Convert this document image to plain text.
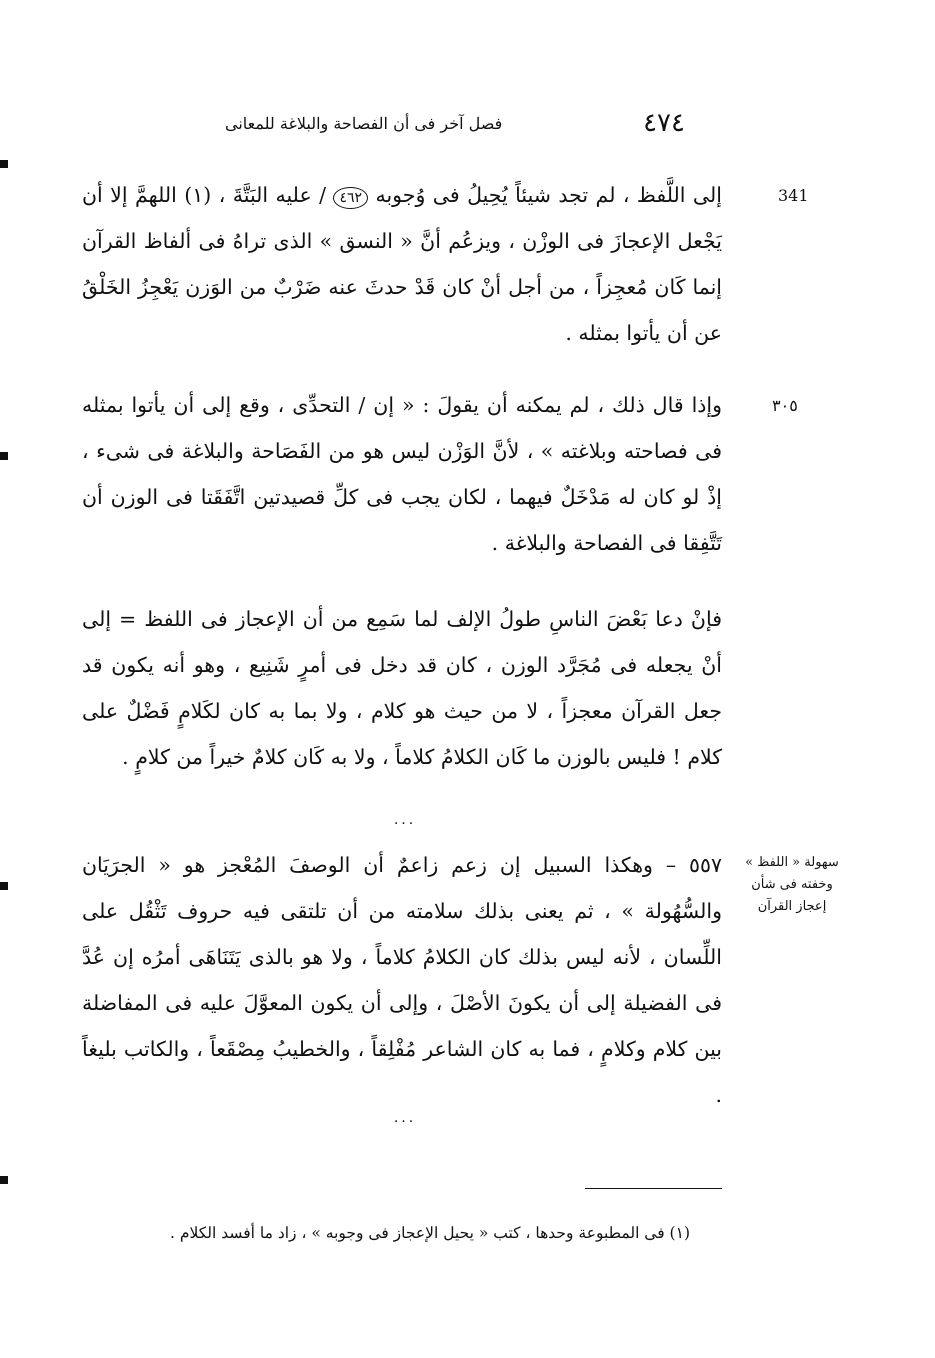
٤٧٤
فصل آخر فى أن الفصاحة والبلاغة للمعانى
341

إلى اللَّفظ ، لم تجد شيئاً يُحِيلُ فى وُجوبه ٤٦٢ / عليه البَتَّةَ ، (١) اللهمَّ إلا أن يَجْعل الإعجازَ فى الوزْن ، ويزعُم أنَّ « النسق » الذى تراهُ فى ألفاظ القرآن إنما كَان مُعجِزاً ، من أجل أنْ كان قَدْ حدثَ عنه ضَرْبٌ من الوَزن يَعْجِزُ الخَلْقُ عن أن يأتوا بمثله .

٣٠٥

وإذا قال ذلك ، لم يمكنه أن يقولَ : « إن / التحدِّى ، وقع إلى أن يأتوا بمثله فى فصاحته وبلاغته » ، لأنَّ الوَزْن ليس هو من الفَصَاحة والبلاغة فى شىء ، إذْ لو كان له مَدْخَلٌ فيهما ، لكان يجب فى كلِّ قصيدتين اتَّفَقَتا فى الوزن أن تَتَّفِقا فى الفصاحة والبلاغة .

فإنْ دعا بَعْضَ الناسِ طولُ الإلف لما سَمِع من أن الإعجاز فى اللفظ = إلى أنْ يجعله فى مُجَرَّد الوزن ، كان قد دخل فى أمرٍ شَنِيع ، وهو أنه يكون قد جعل القرآن معجزاً ، لا من حيث هو كلام ، ولا بما به كان لكَلامٍ فَضْلٌ على كلام ! فليس بالوزن ما كَان الكلامُ كلاماً ، ولا به كَان كلامٌ خيراً من كلامٍ .

...
سهولة « اللفظ » وخفته فى شأن إعجاز القرآن

٥٥٧ – وهكذا السبيل إن زعم زاعمٌ أن الوصفَ المُعْجز هو « الجرَيَان والسُّهُولة » ، ثم يعنى بذلك سلامته من أن تلتقى فيه حروف تَثْقُل على اللِّسان ، لأنه ليس بذلك كان الكلامُ كلاماً ، ولا هو بالذى يَتَنَاهَى أمرُه إن عُدَّ فى الفضيلة إلى أن يكونَ الأصْلَ ، وإلى أن يكون المعوَّلَ عليه فى المفاضلة بين كلام وكلامٍ ، فما به كان الشاعر مُفْلِقاً ، والخطيبُ مِصْقَعاً ، والكاتب بليغاً .

...
(١) فى المطبوعة وحدها ، كتب « يحيل الإعجاز فى وجوبه » ، زاد ما أفسد الكلام .
